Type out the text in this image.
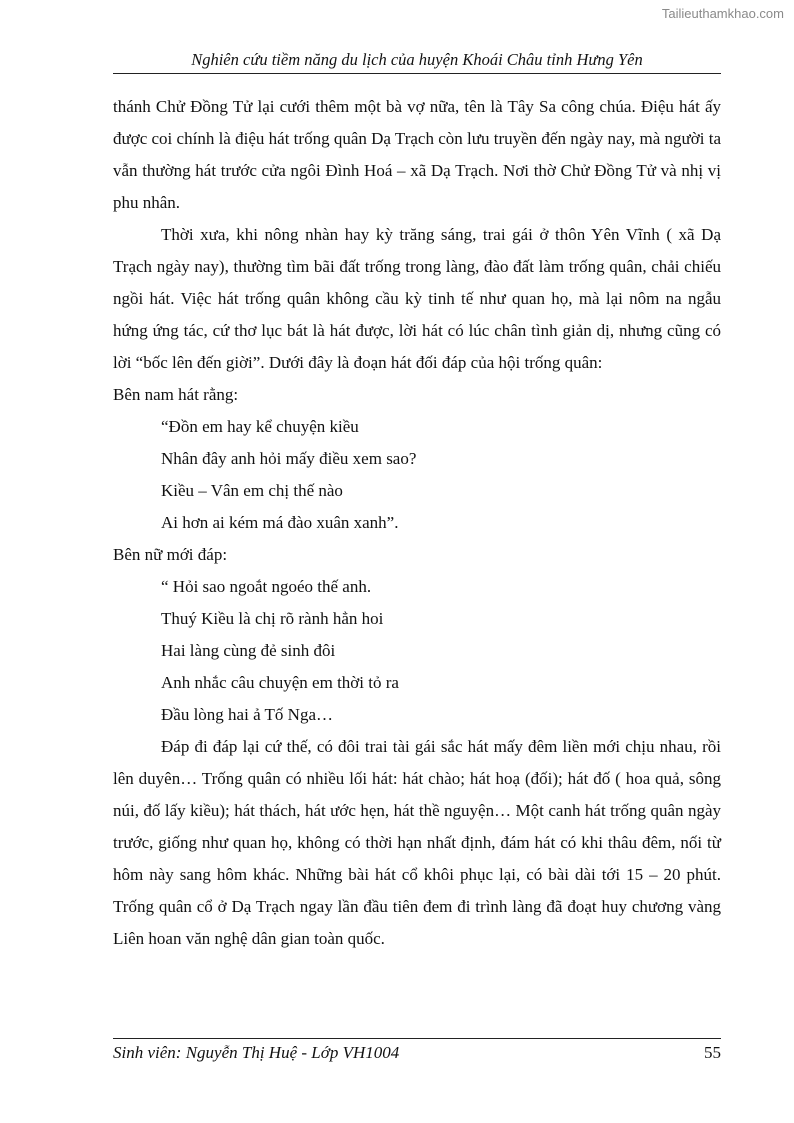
Tailieuthamkhao.com
Nghiên cứu tiềm năng du lịch của huyện Khoái Châu tỉnh Hưng Yên

thánh Chử Đồng Tử lại cưới thêm một bà vợ nữa, tên là Tây Sa công chúa. Điệu hát ấy được coi chính là điệu hát trống quân Dạ Trạch còn lưu truyền đến ngày nay, mà người ta vẫn thường hát trước cửa ngôi Đình Hoá – xã Dạ Trạch. Nơi thờ Chử Đồng Tử và nhị vị phu nhân.

Thời xưa, khi nông nhàn hay kỳ trăng sáng, trai gái ở thôn Yên Vĩnh ( xã Dạ Trạch ngày nay), thường tìm bãi đất trống trong làng, đào đất làm trống quân, chải chiếu ngồi hát. Việc hát trống quân không cầu kỳ tinh tế như quan họ, mà lại nôm na ngẫu hứng ứng tác, cứ thơ lục bát là hát được, lời hát có lúc chân tình giản dị, nhưng cũng có lời “bốc lên đến giời”. Dưới đây là đoạn hát đối đáp của hội trống quân:

Bên nam hát rằng:

“Đồn em hay kể chuyện kiều

Nhân đây anh hỏi mấy điều xem sao?

Kiều – Vân em chị thế nào

Ai hơn ai kém má đào xuân xanh”.

Bên nữ mới đáp:

“ Hỏi sao ngoắt ngoéo thế anh.

Thuý Kiều là chị rõ rành hẳn hoi

Hai làng cùng đẻ sinh đôi

Anh nhắc câu chuyện em thời tỏ ra

Đầu lòng hai ả Tố Nga…

Đáp đi đáp lại cứ thế, có đôi trai tài gái sắc hát mấy đêm liền mới chịu nhau, rồi lên duyên… Trống quân có nhiều lối hát: hát chào; hát hoạ (đối); hát đố ( hoa quả, sông núi, đố lấy kiều); hát thách, hát ước hẹn, hát thề nguyện… Một canh hát trống quân ngày trước, giống như quan họ, không có thời hạn nhất định, đám hát có khi thâu đêm, nối từ hôm này sang hôm khác. Những bài hát cổ khôi phục lại, có bài dài tới 15 – 20 phút. Trống quân cổ ở Dạ Trạch ngay lần đầu tiên đem đi trình làng đã đoạt huy chương vàng Liên hoan văn nghệ dân gian toàn quốc.

Sinh viên: Nguyễn Thị Huệ - Lớp VH1004	55
